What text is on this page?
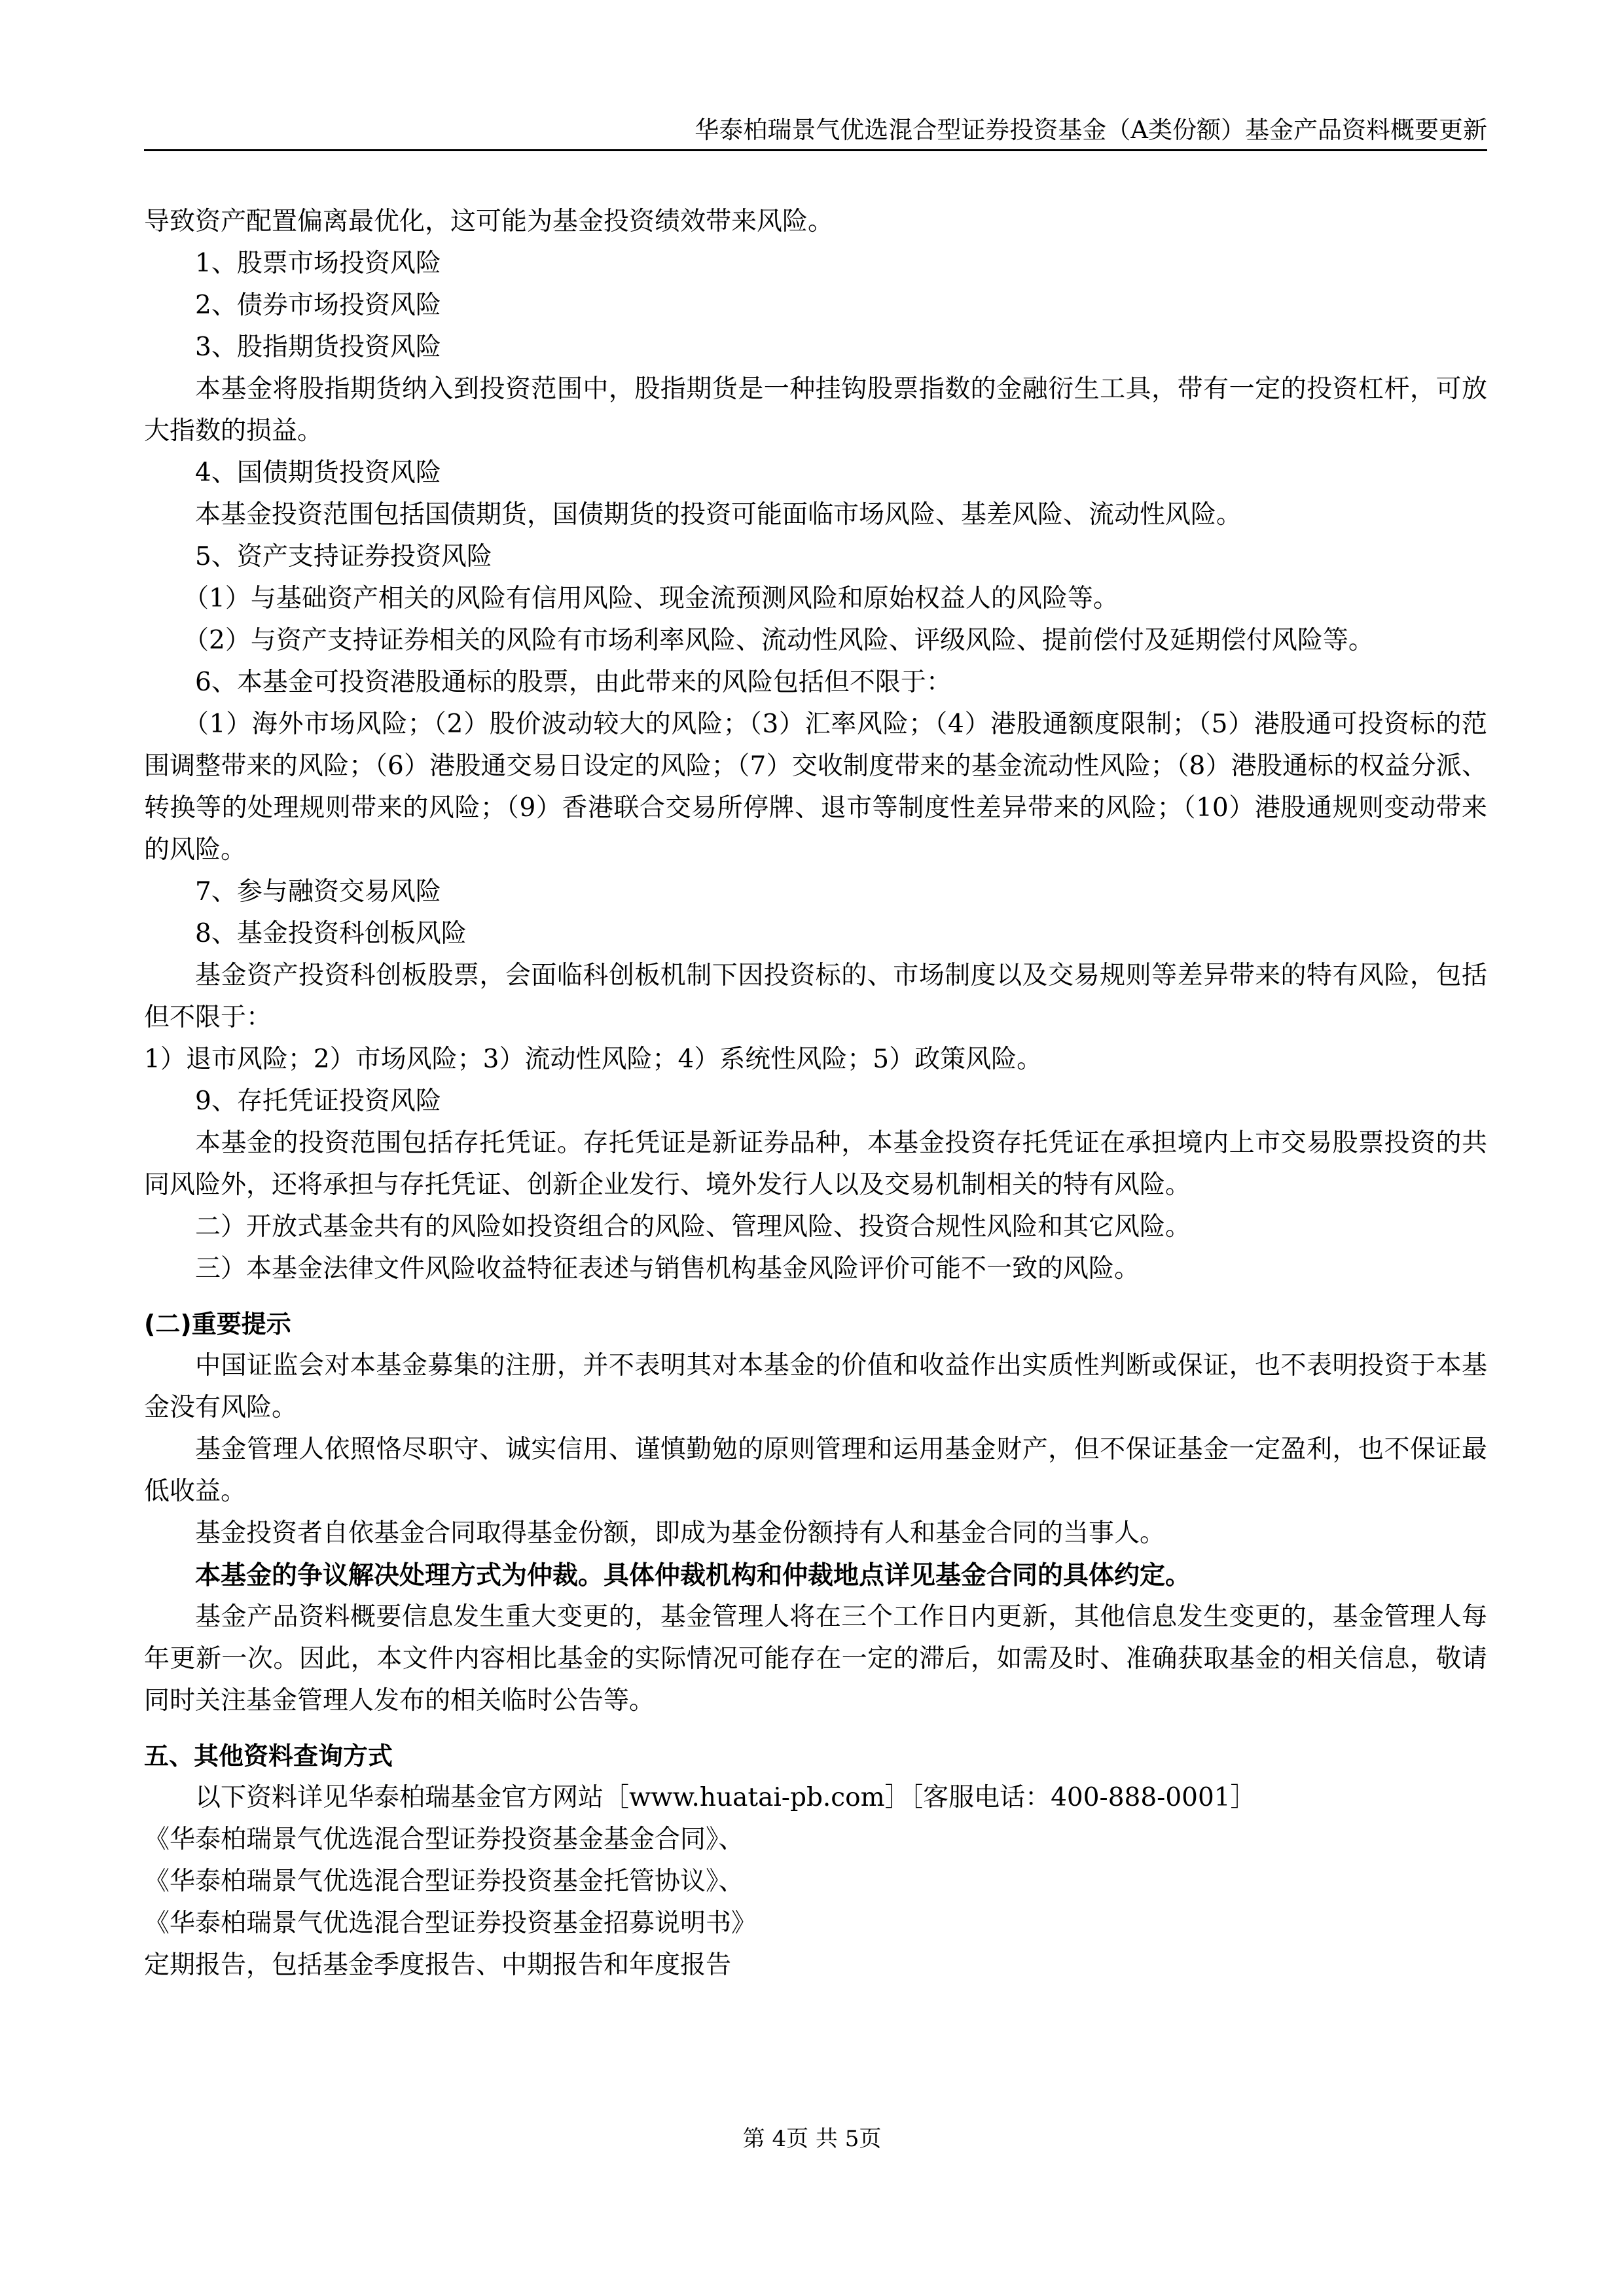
华泰柏瑞景气优选混合型证券投资基金（A类份额）基金产品资料概要更新

导致资产配置偏离最优化，这可能为基金投资绩效带来风险。

1、股票市场投资风险

2、债券市场投资风险

3、股指期货投资风险

本基金将股指期货纳入到投资范围中，股指期货是一种挂钩股票指数的金融衍生工具，带有一定的投资杠杆，可放大指数的损益。

4、国债期货投资风险

本基金投资范围包括国债期货，国债期货的投资可能面临市场风险、基差风险、流动性风险。

5、资产支持证券投资风险

（1）与基础资产相关的风险有信用风险、现金流预测风险和原始权益人的风险等。

（2）与资产支持证券相关的风险有市场利率风险、流动性风险、评级风险、提前偿付及延期偿付风险等。

6、本基金可投资港股通标的股票，由此带来的风险包括但不限于：

（1）海外市场风险；（2）股价波动较大的风险；（3）汇率风险；（4）港股通额度限制；（5）港股通可投资标的范围调整带来的风险；（6）港股通交易日设定的风险；（7）交收制度带来的基金流动性风险；（8）港股通标的权益分派、转换等的处理规则带来的风险；（9）香港联合交易所停牌、退市等制度性差异带来的风险；（10）港股通规则变动带来的风险。

7、参与融资交易风险

8、基金投资科创板风险

基金资产投资科创板股票，会面临科创板机制下因投资标的、市场制度以及交易规则等差异带来的特有风险，包括但不限于：

1）退市风险；2）市场风险；3）流动性风险；4）系统性风险；5）政策风险。

9、存托凭证投资风险

本基金的投资范围包括存托凭证。存托凭证是新证券品种，本基金投资存托凭证在承担境内上市交易股票投资的共同风险外，还将承担与存托凭证、创新企业发行、境外发行人以及交易机制相关的特有风险。

二）开放式基金共有的风险如投资组合的风险、管理风险、投资合规性风险和其它风险。

三）本基金法律文件风险收益特征表述与销售机构基金风险评价可能不一致的风险。

(二)重要提示

中国证监会对本基金募集的注册，并不表明其对本基金的价值和收益作出实质性判断或保证，也不表明投资于本基金没有风险。

基金管理人依照恪尽职守、诚实信用、谨慎勤勉的原则管理和运用基金财产，但不保证基金一定盈利，也不保证最低收益。

基金投资者自依基金合同取得基金份额，即成为基金份额持有人和基金合同的当事人。

本基金的争议解决处理方式为仲裁。具体仲裁机构和仲裁地点详见基金合同的具体约定。

基金产品资料概要信息发生重大变更的，基金管理人将在三个工作日内更新，其他信息发生变更的，基金管理人每年更新一次。因此，本文件内容相比基金的实际情况可能存在一定的滞后，如需及时、准确获取基金的相关信息，敬请同时关注基金管理人发布的相关临时公告等。

五、其他资料查询方式

以下资料详见华泰柏瑞基金官方网站［www.huatai-pb.com］［客服电话：400-888-0001］

《华泰柏瑞景气优选混合型证券投资基金基金合同》、

《华泰柏瑞景气优选混合型证券投资基金托管协议》、

《华泰柏瑞景气优选混合型证券投资基金招募说明书》

定期报告，包括基金季度报告、中期报告和年度报告

第 4页 共 5页
